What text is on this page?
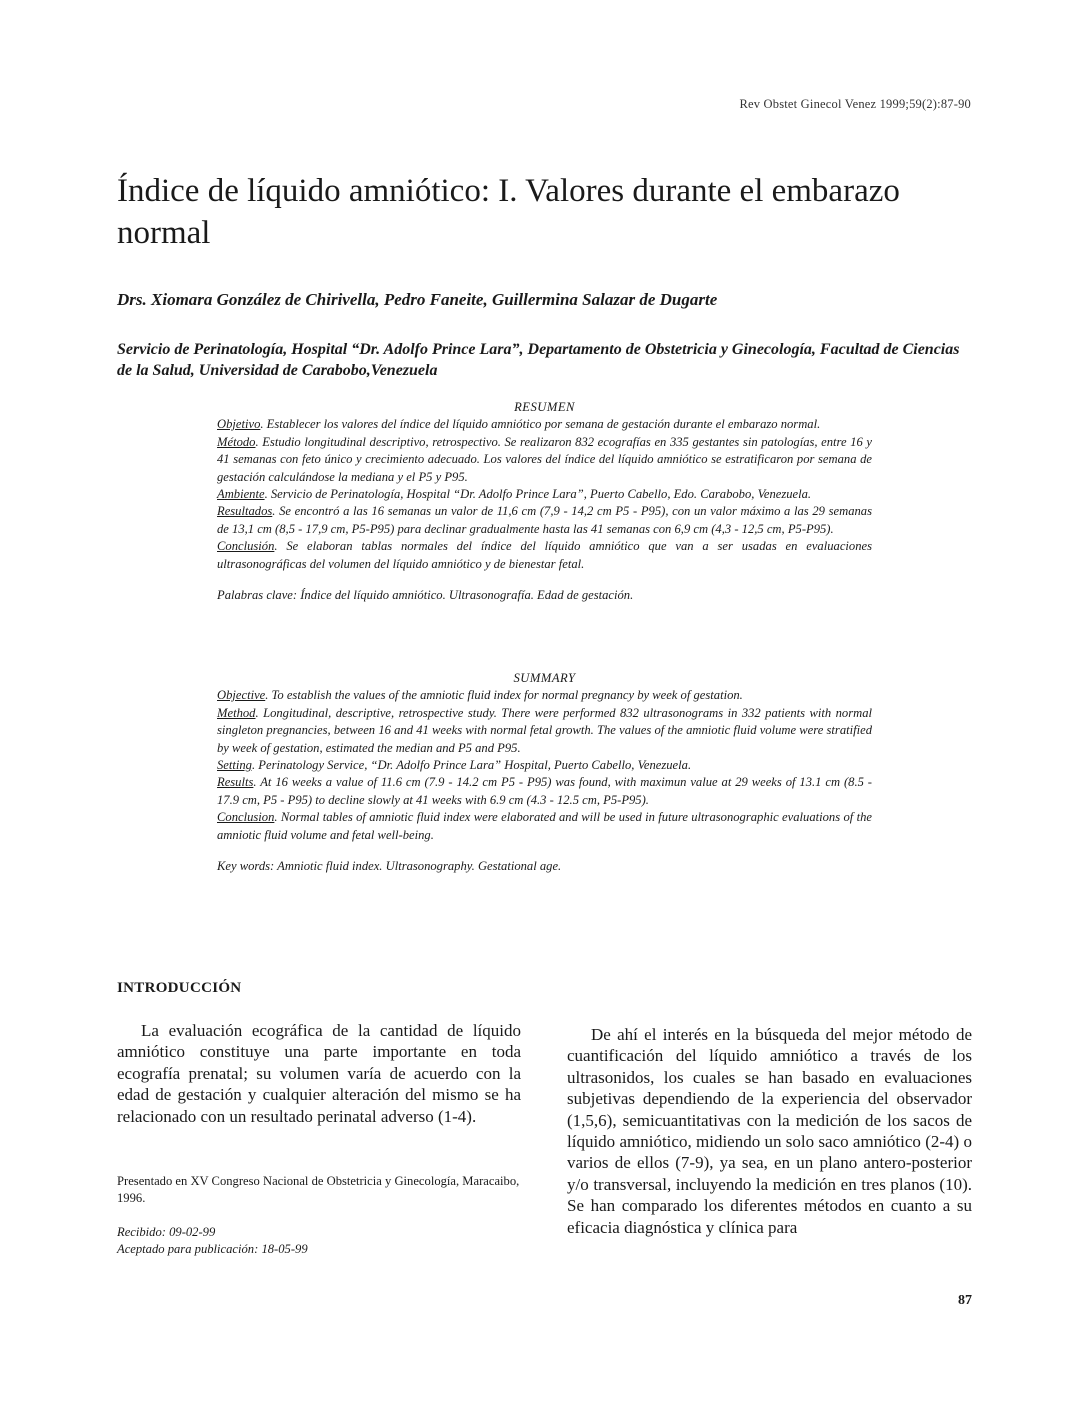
Rev Obstet Ginecol Venez 1999;59(2):87-90
Índice de líquido amniótico: I. Valores durante el embarazo normal
Drs. Xiomara González de Chirivella, Pedro Faneite, Guillermina Salazar de Dugarte
Servicio de Perinatología, Hospital “Dr. Adolfo Prince Lara”, Departamento de Obstetricia y Ginecología, Facultad de Ciencias de la Salud, Universidad de Carabobo,Venezuela

RESUMEN

Objetivo. Establecer los valores del índice del líquido amniótico por semana de gestación durante el embarazo normal.

Método. Estudio longitudinal descriptivo, retrospectivo. Se realizaron 832 ecografías en 335 gestantes sin patologías, entre 16 y 41 semanas con feto único y crecimiento adecuado. Los valores del índice del líquido amniótico se estratificaron por semana de gestación calculándose la mediana y el P5 y P95.

Ambiente. Servicio de Perinatología, Hospital “Dr. Adolfo Prince Lara”, Puerto Cabello, Edo. Carabobo, Venezuela.

Resultados. Se encontró a las 16 semanas un valor de 11,6 cm (7,9 - 14,2 cm P5 - P95), con un valor máximo a las 29 semanas de 13,1 cm (8,5 - 17,9 cm, P5-P95) para declinar gradualmente hasta las 41 semanas con 6,9 cm (4,3 - 12,5 cm, P5-P95).

Conclusión. Se elaboran tablas normales del índice del líquido amniótico que van a ser usadas en evaluaciones ultrasonográficas del volumen del líquido amniótico y de bienestar fetal.

Palabras clave: Índice del líquido amniótico. Ultrasonografía. Edad de gestación.

SUMMARY

Objective. To establish the values of the amniotic fluid index for normal pregnancy by week of gestation.

Method. Longitudinal, descriptive, retrospective study. There were performed 832 ultrasonograms in 332 patients with normal singleton pregnancies, between 16 and 41 weeks with normal fetal growth. The values of the amniotic fluid volume were stratified by week of gestation, estimated the median and P5 and P95.

Setting. Perinatology Service, “Dr. Adolfo Prince Lara” Hospital, Puerto Cabello, Venezuela.

Results. At 16 weeks a value of 11.6 cm (7.9 - 14.2 cm P5 - P95) was found, with maximun value at 29 weeks of 13.1 cm (8.5 - 17.9 cm, P5 - P95) to decline slowly at 41 weeks with 6.9 cm (4.3 - 12.5 cm, P5-P95).

Conclusion. Normal tables of amniotic fluid index were elaborated and will be used in future ultrasonographic evaluations of the amniotic fluid volume and fetal well-being.

Key words: Amniotic fluid index. Ultrasonography. Gestational age.

INTRODUCCIÓN

La evaluación ecográfica de la cantidad de líquido amniótico constituye una parte importante en toda ecografía prenatal; su volumen varía de acuerdo con la edad de gestación y cualquier alteración del mismo se ha relacionado con un resultado perinatal adverso (1-4).

Presentado en XV Congreso Nacional de Obstetricia y Ginecología, Maracaibo, 1996.
Recibido: 09-02-99
Aceptado para publicación: 18-05-99

De ahí el interés en la búsqueda del mejor método de cuantificación del líquido amniótico a través de los ultrasonidos, los cuales se han basado en evaluaciones subjetivas dependiendo de la experiencia del observador (1,5,6), semicuantitativas con la medición de los sacos de líquido amniótico, midiendo un solo saco amniótico (2-4) o varios de ellos (7-9), ya sea, en un plano antero-posterior y/o transversal, incluyendo la medición en tres planos (10). Se han comparado los diferentes métodos en cuanto a su eficacia diagnóstica y clínica para

87
